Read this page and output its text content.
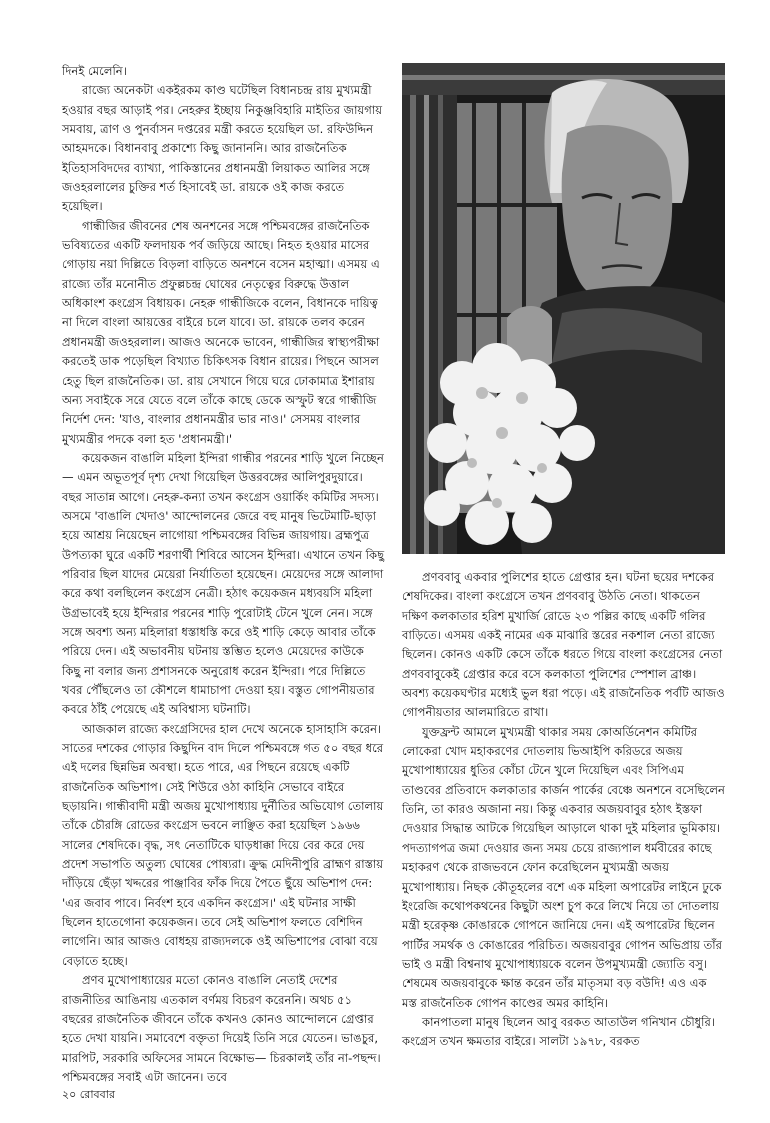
দিনই মেলেনি।

রাজ্যে অনেকটা একইরকম কাণ্ড ঘটেছিল বিধানচন্দ্র রায় মুখ্যমন্ত্রী হওয়ার বছর আড়াই পর। নেহরুর ইচ্ছায় নিকুঞ্জবিহারি মাইতির জায়গায় সমবায়, ত্রাণ ও পুনর্বাসন দপ্তরের মন্ত্রী করতে হয়েছিল ডা. রফিউদ্দিন আহমদকে। বিধানবাবু প্রকাশ্যে কিছু জানাননি। আর রাজনৈতিক ইতিহাসবিদদের ব্যাখ্যা, পাকিস্তানের প্রধানমন্ত্রী লিয়াকত আলির সঙ্গে জওহরলালের চুক্তির শর্ত হিসাবেই ডা. রায়কে ওই কাজ করতে হয়েছিল।

গান্ধীজির জীবনের শেষ অনশনের সঙ্গে পশ্চিমবঙ্গের রাজনৈতিক ভবিষ্যতের একটি ফলদায়ক পর্ব জড়িয়ে আছে। নিহত হওয়ার মাসের গোড়ায় নয়া দিল্লিতে বিড়লা বাড়িতে অনশনে বসেন মহাত্মা। এসময় এ রাজ্যে তাঁর মনোনীত প্রফুল্লচন্দ্র ঘোষের নেতৃত্বের বিরুদ্ধে উত্তাল অধিকাংশ কংগ্রেস বিধায়ক। নেহরু গান্ধীজিকে বলেন, বিধানকে দায়িত্ব না দিলে বাংলা আয়ত্তের বাইরে চলে যাবে। ডা. রায়কে তলব করেন প্রধানমন্ত্রী জওহরলাল। আজও অনেকে ভাবেন, গান্ধীজির স্বাস্থ্যপরীক্ষা করতেই ডাক পড়েছিল বিখ্যাত চিকিৎসক বিধান রায়ের। পিছনে আসল হেতু ছিল রাজনৈতিক। ডা. রায় সেখানে গিয়ে ঘরে ঢোকামাত্র ইশারায় অন্য সবাইকে সরে যেতে বলে তাঁকে কাছে ডেকে অস্ফুট স্বরে গান্ধীজি নির্দেশ দেন: 'যাও, বাংলার প্রধানমন্ত্রীর ভার নাও।' সেসময় বাংলার মুখ্যমন্ত্রীর পদকে বলা হত 'প্রধানমন্ত্রী।'

কয়েকজন বাঙালি মহিলা ইন্দিরা গান্ধীর পরনের শাড়ি খুলে নিচ্ছেন— এমন অভূতপূর্ব দৃশ্য দেখা গিয়েছিল উত্তরবঙ্গের আলিপুরদুয়ারে। বছর সাতান্ন আগে। নেহরু-কন্যা তখন কংগ্রেস ওয়ার্কিং কমিটির সদস্য। অসমে 'বাঙালি খেদাও' আন্দোলনের জেরে বহু মানুষ ভিটেমাটি-ছাড়া হয়ে আশ্রয় নিয়েছেন লাগোয়া পশ্চিমবঙ্গের বিভিন্ন জায়গায়। ব্রহ্মপুত্র উপত্যকা ঘুরে একটি শরণার্থী শিবিরে আসেন ইন্দিরা। এখানে তখন কিছু পরিবার ছিল যাদের মেয়েরা নির্যাতিতা হয়েছেন। মেয়েদের সঙ্গে আলাদা করে কথা বলছিলেন কংগ্রেস নেত্রী। হঠাৎ কয়েকজন মধ্যবয়সি মহিলা উগ্রভাবেই হয়ে ইন্দিরার পরনের শাড়ি পুরোটাই টেনে খুলে নেন। সঙ্গে সঙ্গে অবশ্য অন্য মহিলারা ধস্তাধস্তি করে ওই শাড়ি কেড়ে আবার তাঁকে পরিয়ে দেন। এই অভাবনীয় ঘটনায় স্তম্ভিত হলেও মেয়েদের কাউকে কিছু না বলার জন্য প্রশাসনকে অনুরোধ করেন ইন্দিরা। পরে দিল্লিতে খবর পৌঁছলেও তা কৌশলে ধামাচাপা দেওয়া হয়। বস্তুত গোপনীয়তার কবরে ঠাঁই পেয়েছে এই অবিশ্বাস্য ঘটনাটি।

আজকাল রাজ্যে কংগ্রেসিদের হাল দেখে অনেকে হাসাহাসি করেন। সাতের দশকের গোড়ার কিছুদিন বাদ দিলে পশ্চিমবঙ্গে গত ৫০ বছর ধরে এই দলের ছিন্নভিন্ন অবস্থা। হতে পারে, এর পিছনে রয়েছে একটি রাজনৈতিক অভিশাপ। সেই শিউরে ওঠা কাহিনি সেভাবে বাইরে ছড়ায়নি। গান্ধীবাদী মন্ত্রী অজয় মুখোপাধ্যায় দুর্নীতির অভিযোগ তোলায় তাঁকে চৌরঙ্গি রোডের কংগ্রেস ভবনে লাঞ্ছিত করা হয়েছিল ১৯৬৬ সালের শেষদিকে। বৃদ্ধ, সৎ নেতাটিকে ঘাড়ধাক্কা দিয়ে বের করে দেয় প্রদেশ সভাপতি অতুল্য ঘোষের পোষ্যরা। ক্রুদ্ধ মেদিনীপুরি ব্রাহ্মণ রাস্তায় দাঁড়িয়ে ছেঁড়া খদ্দরের পাঞ্জাবির ফাঁক দিয়ে পৈতে ছুঁয়ে অভিশাপ দেন: 'এর জবাব পাবে। নির্বংশ হবে একদিন কংগ্রেস।' এই ঘটনার সাক্ষী ছিলেন হাতেগোনা কয়েকজন। তবে সেই অভিশাপ ফলতে বেশিদিন লাগেনি। আর আজও বোধহয় রাজ্যদলকে ওই অভিশাপের বোঝা বয়ে বেড়াতে হচ্ছে।

প্রণব মুখোপাধ্যায়ের মতো কোনও বাঙালি নেতাই দেশের রাজনীতির আঙিনায় এতকাল বর্ণময় বিচরণ করেননি। অথচ ৫১ বছরের রাজনৈতিক জীবনে তাঁকে কখনও কোনও আন্দোলনে গ্রেপ্তার হতে দেখা যায়নি। সমাবেশে বক্তৃতা দিয়েই তিনি সরে যেতেন। ভাঙচুর, মারপিট, সরকারি অফিসের সামনে বিক্ষোভ— চিরকালই তাঁর না-পছন্দ। পশ্চিমবঙ্গের সবাই এটা জানেন। তবে

প্রণববাবু একবার পুলিশের হাতে গ্রেপ্তার হন। ঘটনা ছয়ের দশকের শেষদিকের। বাংলা কংগ্রেসে তখন প্রণববাবু উঠতি নেতা। থাকতেন দক্ষিণ কলকাতার হরিশ মুখার্জি রোডে ২৩ পল্লির কাছে একটি গলির বাড়িতে। এসময় একই নামের এক মাঝারি স্তরের নকশাল নেতা রাজ্যে ছিলেন। কোনও একটি কেসে তাঁকে ধরতে গিয়ে বাংলা কংগ্রেসের নেতা প্রণববাবুকেই গ্রেপ্তার করে বসে কলকাতা পুলিশের স্পেশাল ব্রাঞ্চ। অবশ্য কয়েকঘণ্টার মধ্যেই ভুল ধরা পড়ে। এই রাজনৈতিক পর্বটি আজও গোপনীয়তার আলমারিতে রাখা।

যুক্তফ্রন্ট আমলে মুখ্যমন্ত্রী থাকার সময় কোঅর্ডিনেশন কমিটির লোকেরা খোদ মহাকরণের দোতলায় ভিআইপি করিডরে অজয় মুখোপাধ্যায়ের ধুতির কোঁচা টেনে খুলে দিয়েছিল এবং সিপিএম তাণ্ডবের প্রতিবাদে কলকাতার কার্জন পার্কের বেঞ্চে অনশনে বসেছিলেন তিনি, তা কারও অজানা নয়। কিন্তু একবার অজয়বাবুর হঠাৎ ইস্তফা দেওয়ার সিদ্ধান্ত আটকে গিয়েছিল আড়ালে থাকা দুই মহিলার ভূমিকায়। পদত্যাগপত্র জমা দেওয়ার জন্য সময় চেয়ে রাজ্যপাল ধর্মবীরের কাছে মহাকরণ থেকে রাজভবনে ফোন করেছিলেন মুখ্যমন্ত্রী অজয় মুখোপাধ্যায়। নিছক কৌতূহলের বশে এক মহিলা অপারেটর লাইনে ঢুকে ইংরেজি কথোপকথনের কিছুটা অংশ চুপ করে লিখে নিয়ে তা দোতলায় মন্ত্রী হরেকৃষ্ণ কোঙারকে গোপনে জানিয়ে দেন। এই অপারেটর ছিলেন পার্টির সমর্থক ও কোঙারের পরিচিত। অজয়বাবুর গোপন অভিপ্রায় তাঁর ভাই ও মন্ত্রী বিশ্বনাথ মুখোপাধ্যায়কে বলেন উপমুখ্যমন্ত্রী জ্যোতি বসু। শেষমেষ অজয়বাবুকে ক্ষান্ত করেন তাঁর মাতৃসমা বড় বউদি! এও এক মস্ত রাজনৈতিক গোপন কাণ্ডের অমর কাহিনি।

কানপাতলা মানুষ ছিলেন আবু বরকত আতাউল গনিখান চৌধুরি। কংগ্রেস তখন ক্ষমতার বাইরে। সালটা ১৯৭৮, বরকত

২০ রোববার
